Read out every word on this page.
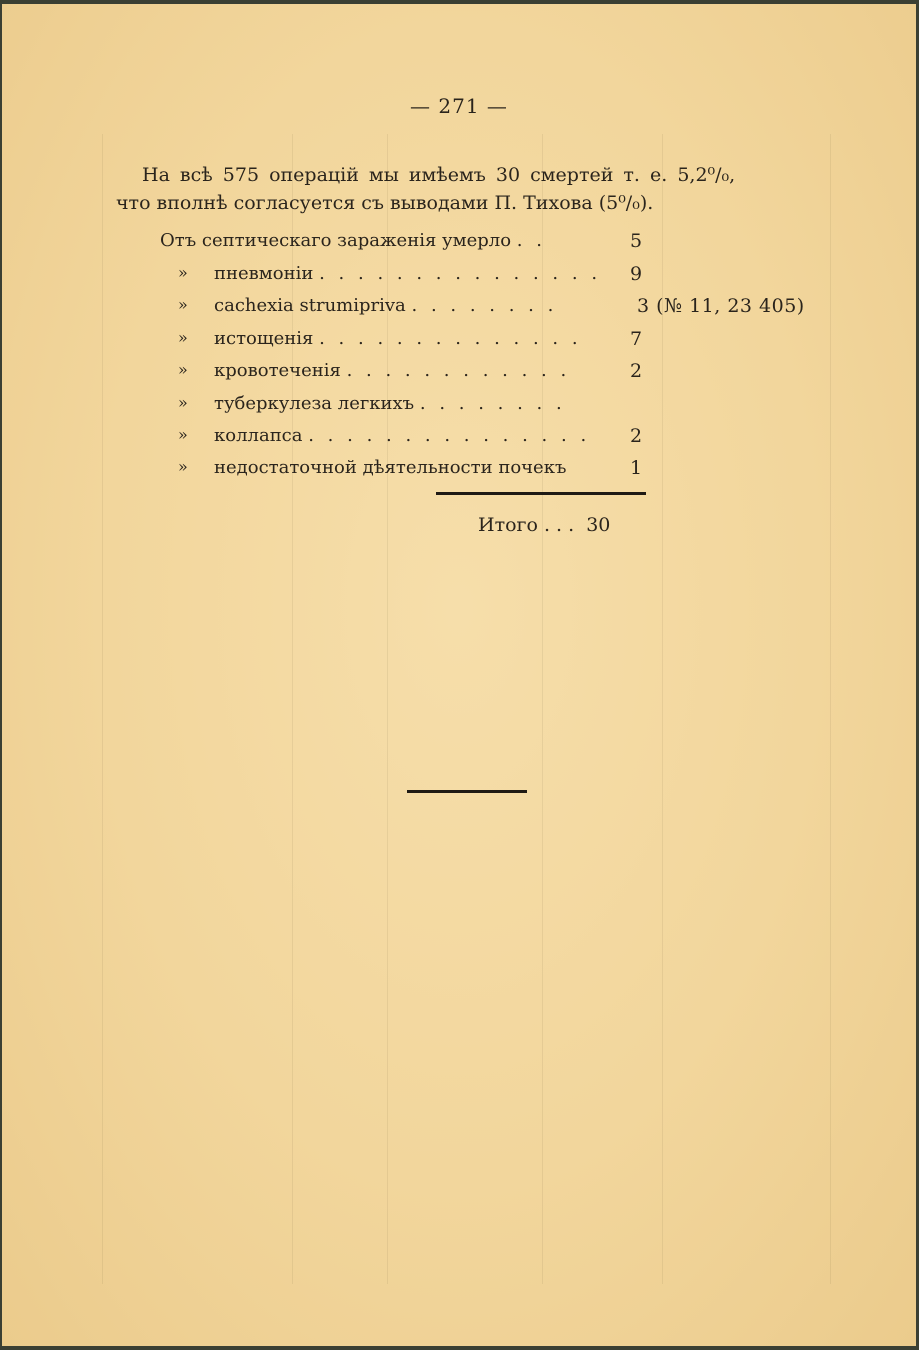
— 271 —
На всѣ 575 операцій мы имѣемъ 30 смертей т. е. 5,2⁰/₀,
что вполнѣ согласуется съ выводами П. Тихова (5⁰/₀).
Отъ септическаго зараженія умерло . .	5
» пневмоніи . . . . . . . . . . . . . . . 9
» cachexia strumiprіva . . . . . . . .	3 (№ 11, 23 405)
» истощенія . . . . . . . . . . . . . .	7
» кровотеченія . . . . . . . . . . . .	2
» туберкулеза легкихъ . . . . . . . .
» коллапса . . . . . . . . . . . . . . . 2
» недостаточной дѣятельности почекъ	1
Итого . . . 30
